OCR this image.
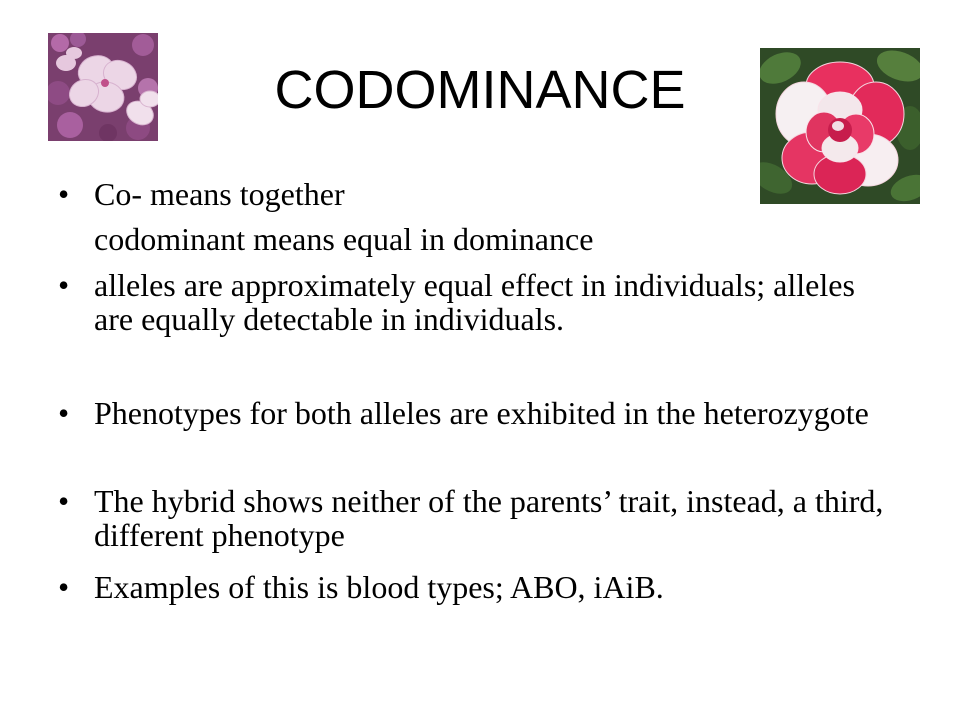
CODOMINANCE
• Co- means together
codominant means equal in dominance
• alleles are approximately equal effect in individuals; alleles are equally detectable in individuals.
• Phenotypes for both alleles are exhibited in the heterozygote
• The hybrid shows neither of the parents’ trait, instead, a third, different phenotype
• Examples of this is blood types; ABO, iAiB.
